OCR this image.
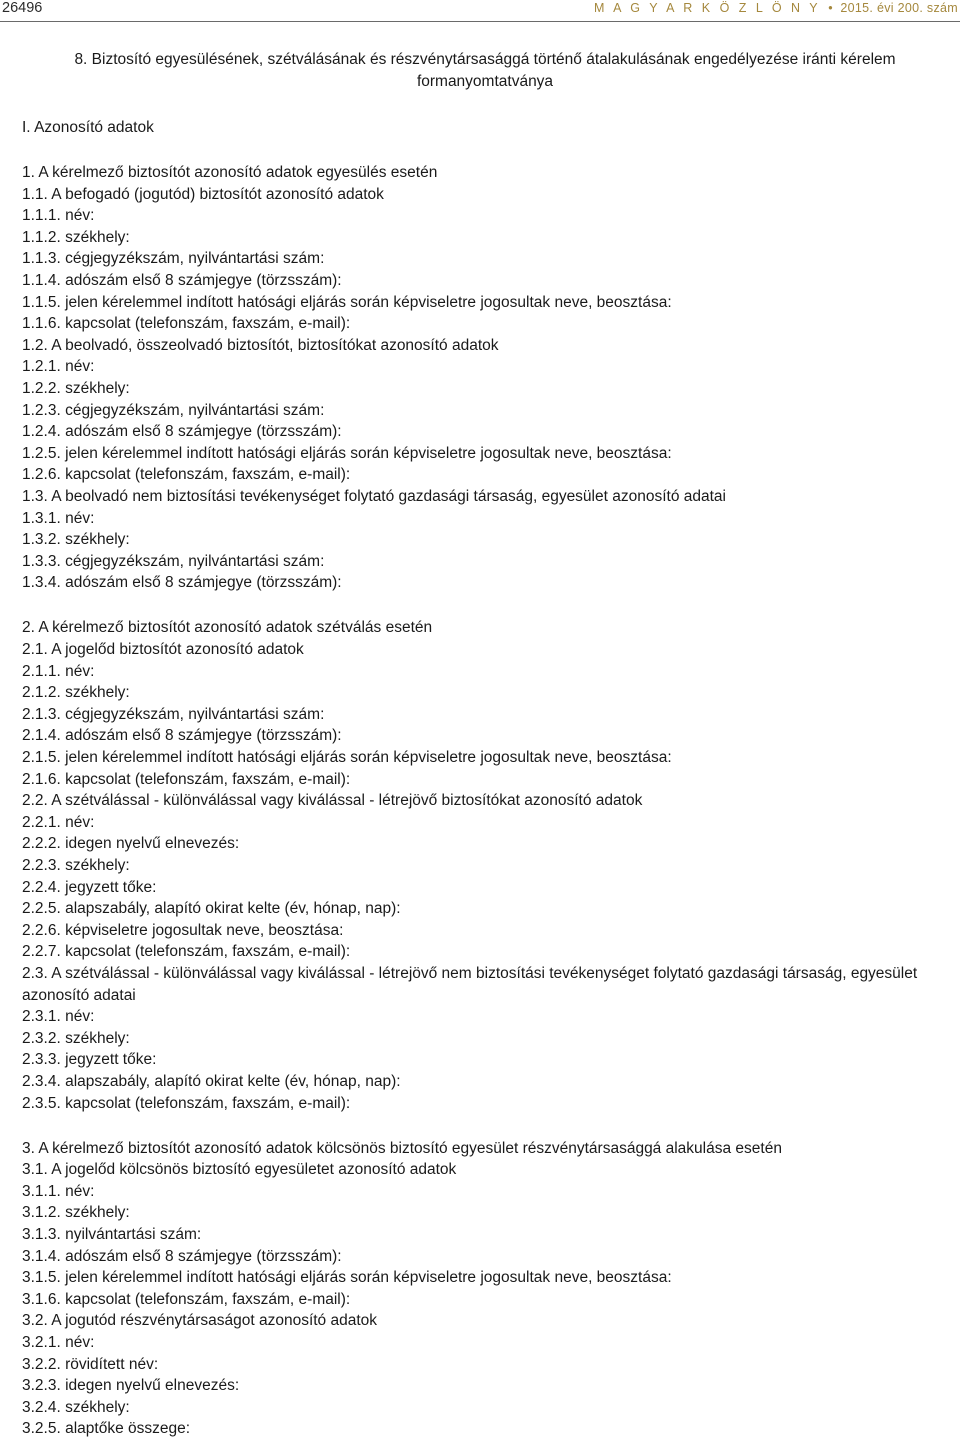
26496	M A G Y A R K Ö Z L Ö N Y • 2015. évi 200. szám
8. Biztosító egyesülésének, szétválásának és részvénytársasággá történő átalakulásának engedélyezése iránti kérelem formanyomtatványa
I. Azonosító adatok
1. A kérelmező biztosítót azonosító adatok egyesülés esetén
1.1. A befogadó (jogutód) biztosítót azonosító adatok
1.1.1. név:
1.1.2. székhely:
1.1.3. cégjegyzékszám, nyilvántartási szám:
1.1.4. adószám első 8 számjegye (törzsszám):
1.1.5. jelen kérelemmel indított hatósági eljárás során képviseletre jogosultak neve, beosztása:
1.1.6. kapcsolat (telefonszám, faxszám, e-mail):
1.2. A beolvadó, összeolvadó biztosítót, biztosítókat azonosító adatok
1.2.1. név:
1.2.2. székhely:
1.2.3. cégjegyzékszám, nyilvántartási szám:
1.2.4. adószám első 8 számjegye (törzsszám):
1.2.5. jelen kérelemmel indított hatósági eljárás során képviseletre jogosultak neve, beosztása:
1.2.6. kapcsolat (telefonszám, faxszám, e-mail):
1.3. A beolvadó nem biztosítási tevékenységet folytató gazdasági társaság, egyesület azonosító adatai
1.3.1. név:
1.3.2. székhely:
1.3.3. cégjegyzékszám, nyilvántartási szám:
1.3.4. adószám első 8 számjegye (törzsszám):
2. A kérelmező biztosítót azonosító adatok szétválás esetén
2.1. A jogelőd biztosítót azonosító adatok
2.1.1. név:
2.1.2. székhely:
2.1.3. cégjegyzékszám, nyilvántartási szám:
2.1.4. adószám első 8 számjegye (törzsszám):
2.1.5. jelen kérelemmel indított hatósági eljárás során képviseletre jogosultak neve, beosztása:
2.1.6. kapcsolat (telefonszám, faxszám, e-mail):
2.2. A szétválással - különválással vagy kiválással - létrejövő biztosítókat azonosító adatok
2.2.1. név:
2.2.2. idegen nyelvű elnevezés:
2.2.3. székhely:
2.2.4. jegyzett tőke:
2.2.5. alapszabály, alapító okirat kelte (év, hónap, nap):
2.2.6. képviseletre jogosultak neve, beosztása:
2.2.7. kapcsolat (telefonszám, faxszám, e-mail):
2.3. A szétválással - különválással vagy kiválással - létrejövő nem biztosítási tevékenységet folytató gazdasági társaság, egyesület azonosító adatai
2.3.1. név:
2.3.2. székhely:
2.3.3. jegyzett tőke:
2.3.4. alapszabály, alapító okirat kelte (év, hónap, nap):
2.3.5. kapcsolat (telefonszám, faxszám, e-mail):
3. A kérelmező biztosítót azonosító adatok kölcsönös biztosító egyesület részvénytársasággá alakulása esetén
3.1. A jogelőd kölcsönös biztosító egyesületet azonosító adatok
3.1.1. név:
3.1.2. székhely:
3.1.3. nyilvántartási szám:
3.1.4. adószám első 8 számjegye (törzsszám):
3.1.5. jelen kérelemmel indított hatósági eljárás során képviseletre jogosultak neve, beosztása:
3.1.6. kapcsolat (telefonszám, faxszám, e-mail):
3.2. A jogutód részvénytársaságot azonosító adatok
3.2.1. név:
3.2.2. rövidített név:
3.2.3. idegen nyelvű elnevezés:
3.2.4. székhely:
3.2.5. alaptőke összege:
